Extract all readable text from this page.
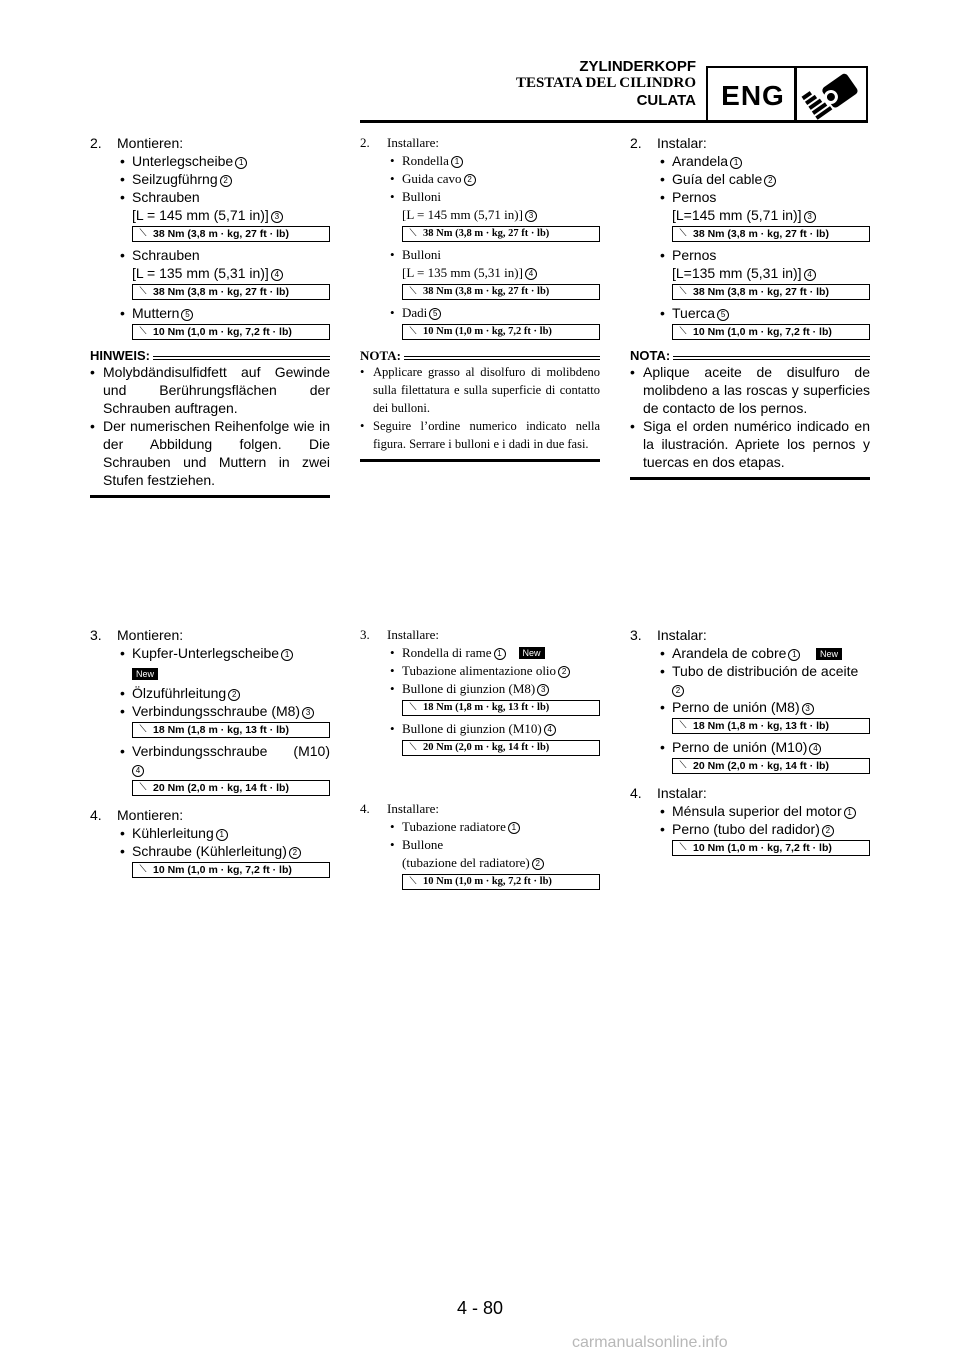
ZYLINDERKOPF
TESTATA DEL CILINDRO
CULATA ENG
2.	Montieren:
• Unterlegscheibe 1
• Seilzugführng 2
• Schrauben
[L = 145 mm (5,71 in)] 3
⟍ 38 Nm (3,8 m · kg, 27 ft · lb)
• Schrauben
[L = 135 mm (5,31 in)] 4
⟍ 38 Nm (3,8 m · kg, 27 ft · lb)
• Muttern 5
⟍ 10 Nm (1,0 m · kg, 7,2 ft · lb)
HINWEIS:
• Molybdändisulfidfett auf Gewinde und Berührungsflächen der Schrauben auftragen.
• Der numerischen Reihenfolge wie in der Abbildung folgen. Die Schrauben und Muttern in zwei Stufen festziehen.
2.	Installare:
• Rondella 1
• Guida cavo 2
• Bulloni
[L = 145 mm (5,71 in)] 3
⟍ 38 Nm (3,8 m · kg, 27 ft · lb)
• Bulloni
[L = 135 mm (5,31 in)] 4
⟍ 38 Nm (3,8 m · kg, 27 ft · lb)
• Dadi 5
⟍ 10 Nm (1,0 m · kg, 7,2 ft · lb)
NOTA:
• Applicare grasso al disolfuro di molibdeno sulla filettatura e sulla superficie di contatto dei bulloni.
• Seguire l’ordine numerico indicato nella figura. Serrare i bulloni e i dadi in due fasi.
2.	Instalar:
• Arandela 1
• Guía del cable 2
• Pernos
[L=145 mm (5,71 in)] 3
⟍ 38 Nm (3,8 m · kg, 27 ft · lb)
• Pernos
[L=135 mm (5,31 in)] 4
⟍ 38 Nm (3,8 m · kg, 27 ft · lb)
• Tuerca 5
⟍ 10 Nm (1,0 m · kg, 7,2 ft · lb)
NOTA:
• Aplique aceite de disulfuro de molibdeno a las roscas y superficies de contacto de los pernos.
• Siga el orden numérico indicado en la ilustración. Apriete los pernos y tuercas en dos etapas.
3.	Montieren:
• Kupfer-Unterlegscheibe 1
New
• Ölzuführleitung 2
• Verbindungsschraube (M8) 3
⟍ 18 Nm (1,8 m · kg, 13 ft · lb)
• Verbindungsschraube (M10)
4
⟍ 20 Nm (2,0 m · kg, 14 ft · lb)
4.	Montieren:
• Kühlerleitung 1
• Schraube (Kühlerleitung) 2
⟍ 10 Nm (1,0 m · kg, 7,2 ft · lb)
3.	Installare:
• Rondella di rame 1 New
• Tubazione alimentazione olio 2
• Bullone di giunzion (M8) 3
⟍ 18 Nm (1,8 m · kg, 13 ft · lb)
• Bullone di giunzion (M10) 4
⟍ 20 Nm (2,0 m · kg, 14 ft · lb)
4.	Installare:
• Tubazione radiatore 1
• Bullone
(tubazione del radiatore) 2
⟍ 10 Nm (1,0 m · kg, 7,2 ft · lb)
3.	Instalar:
• Arandela de cobre 1	New
• Tubo de distribución de aceite
2
• Perno de unión (M8) 3
⟍ 18 Nm (1,8 m · kg, 13 ft · lb)
• Perno de unión (M10) 4
⟍ 20 Nm (2,0 m · kg, 14 ft · lb)
4.	Instalar:
• Ménsula superior del motor 1
• Perno (tubo del radidor) 2
⟍ 10 Nm (1,0 m · kg, 7,2 ft · lb)
4 - 80
carmanualsonline.info
